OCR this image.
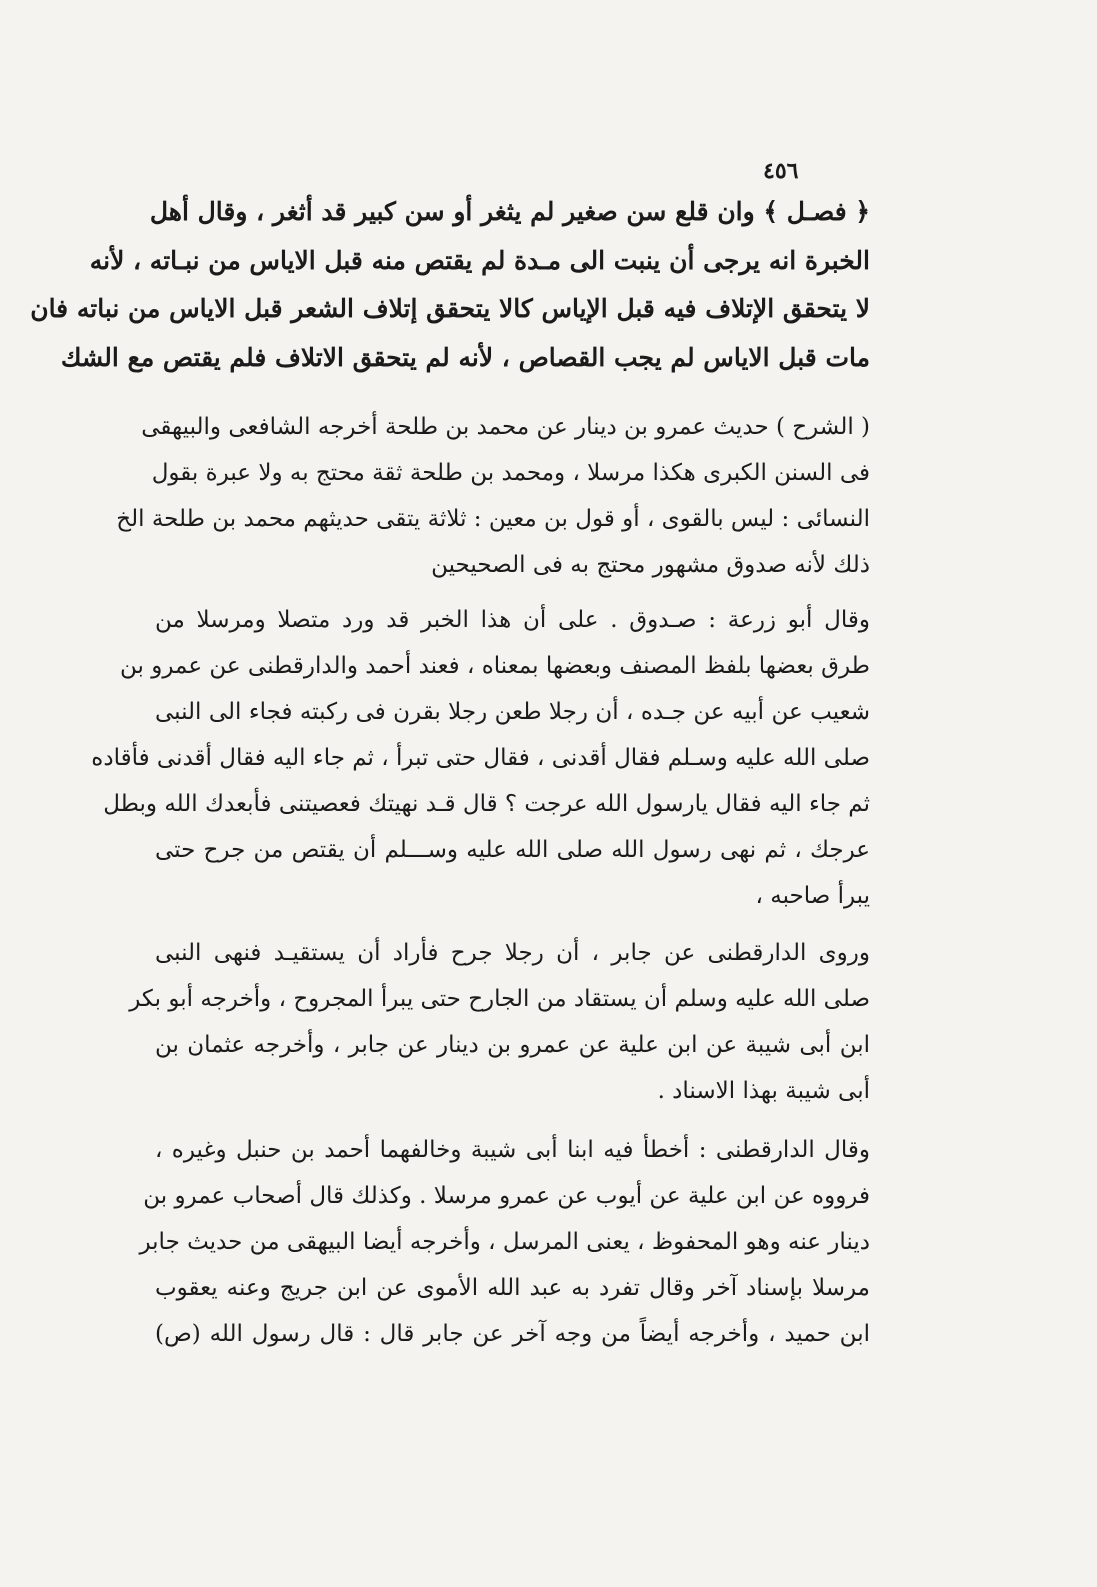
٤٥٦
﴿ فصـل ﴾ وان قلع سن صغير لم يثغر أو سن كبير قد أثغر ، وقال أهل
الخبرة انه يرجى أن ينبت الى مـدة لم يقتص منه قبل الاياس من نبـاته ، لأنه
لا يتحقق الإتلاف فيه قبل الإياس كالا يتحقق إتلاف الشعر قبل الاياس من نباته فان
مات قبل الاياس لم يجب القصاص ، لأنه لم يتحقق الاتلاف فلم يقتص مع الشك
( الشرح ) حديث عمرو بن دينار عن محمد بن طلحة أخرجه الشافعى والبيهقى
فى السنن الكبرى هكذا مرسلا ، ومحمد بن طلحة ثقة محتج به ولا عبرة بقول
النسائى : ليس بالقوى ، أو قول بن معين : ثلاثة يتقى حديثهم محمد بن طلحة الخ
ذلك لأنه صدوق مشهور محتج به فى الصحيحين
وقال أبو زرعة : صـدوق . على أن هذا الخبر قد ورد متصلا ومرسلا من
طرق بعضها بلفظ المصنف وبعضها بمعناه ، فعند أحمد والدارقطنى عن عمرو بن
شعيب عن أبيه عن جـده ، أن رجلا طعن رجلا بقرن فى ركبته فجاء الى النبى
صلى الله عليه وسـلم فقال أقدنى ، فقال حتى تبرأ ، ثم جاء اليه فقال أقدنى فأقاده
ثم جاء اليه فقال يارسول الله عرجت ؟ قال قـد نهيتك فعصيتنى فأبعدك الله وبطل
عرجك ، ثم نهى رسول الله صلى الله عليه وســـلم أن يقتص من جرح حتى
يبرأ صاحبه ،
وروى الدارقطنى عن جابر ، أن رجلا جرح فأراد أن يستقيـد فنهى النبى
صلى الله عليه وسلم أن يستقاد من الجارح حتى يبرأ المجروح ، وأخرجه أبو بكر
ابن أبى شيبة عن ابن علية عن عمرو بن دينار عن جابر ، وأخرجه عثمان بن
أبى شيبة بهذا الاسناد .
وقال الدارقطنى : أخطأ فيه ابنا أبى شيبة وخالفهما أحمد بن حنبل وغيره ،
فرووه عن ابن علية عن أيوب عن عمرو مرسلا . وكذلك قال أصحاب عمرو بن
دينار عنه وهو المحفوظ ، يعنى المرسل ، وأخرجه أيضا البيهقى من حديث جابر
مرسلا بإسناد آخر وقال تفرد به عبد الله الأموى عن ابن جريج وعنه يعقوب
ابن حميد ، وأخرجه أيضاً من وجه آخر عن جابر قال : قال رسول الله (ص)
